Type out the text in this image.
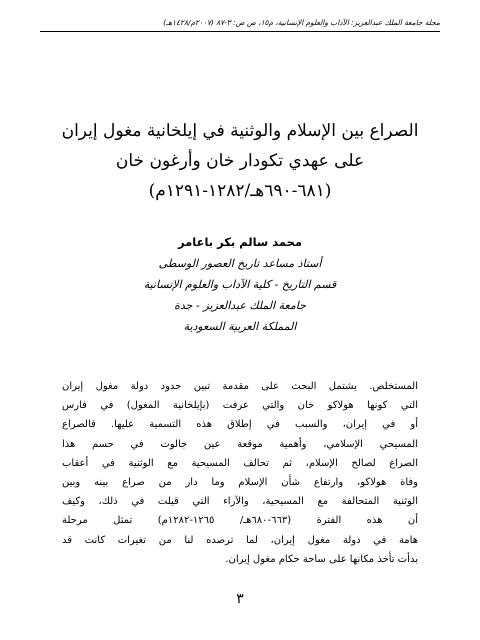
مجلة جامعة الملك عبدالعزيز: الآداب والعلوم الإنسانية، م١٥، ص ص: ٣-٨٧ (٢٠٠٧م/١٤٢٨هـ)
الصراع بين الإسلام والوثنية في إيلخانية مغول إيران
على عهدي تكودار خان وأرغون خان
(٦٨١-٦٩٠هـ/١٢٨٢-١٢٩١م)
محمد سالم بكر باعامر
أستاذ مساعد تاريخ العصور الوسطى
قسم التاريخ - كلية الآداب والعلوم الإنسانية
جامعة الملك عبدالعزيز - جدة
المملكة العربية السعودية
المستخلص. يشتمل البحث على مقدمة تبين حدود دولة مغول إيران
التي كونها هولاكو خان والتي عرفت (بإيلخانية المغول) في فارس
أو في إيران، والسبب في إطلاق هذه التسمية عليها. فالصراع
المسيحي الإسلامي، وأهمية موقعة عين جالوت في حسم هذا
الصراع لصالح الإسلام، ثم تحالف المسيحية مع الوثنية في أعقاب
وفاة هولاكو، وارتفاع شأن الإسلام وما دار من صراع بينه وبين
الوثنية المتحالفة مع المسيحية، والآراء التي قيلت في ذلك، وكيف
أن هذه الفترة (٦٦٣-٦٨٠هـ/ ١٢٦٥-١٢٨٢م) تمثل مرحلة
هامة في دولة مغول إيران، لما ترصده لنا من تغيرات كانت قد
بدأت تأخذ مكانها على ساحة حكام مغول إيران.
٣
